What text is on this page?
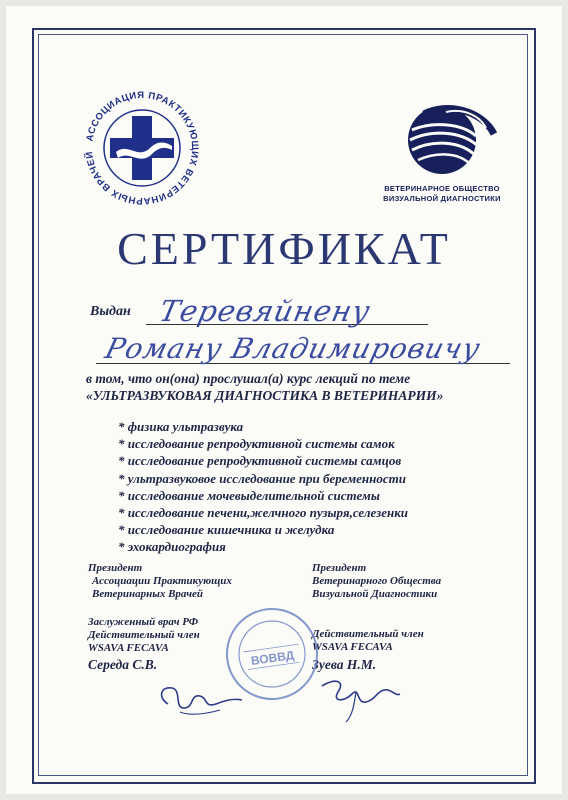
АССОЦИАЦИЯ ПРАКТИКУЮЩИХ ВЕТЕРИНАРНЫХ ВРАЧЕЙ
ВЕТЕРИНАРНОЕ ОБЩЕСТВО ВИЗУАЛЬНОЙ ДИАГНОСТИКИ
СЕРТИФИКАТ
Выдан Теревяйнену
Роману Владимировичу
в том, что он(она) прослушал(а) курс лекций по теме
«УЛЬТРАЗВУКОВАЯ ДИАГНОСТИКА В ВЕТЕРИНАРИИ»
* физика ультразвука
* исследование репродуктивной системы самок
* исследование репродуктивной системы самцов
* ультразвуковое исследование при беременности
* исследование мочевыделительной системы
* исследование печени,желчного пузыря,селезенки
* исследование кишечника и желудка
* эхокардиография
Президент
Ассоциации Практикующих
Ветеринарных Врачей
Заслуженный врач РФ
Действительный член
WSAVA FECAVA
Середа С.В.
Президент
Ветеринарного Общества
Визуальной Диагностики
Действительный член
WSAVA FECAVA
Зуева Н.М.
ВОВВД
